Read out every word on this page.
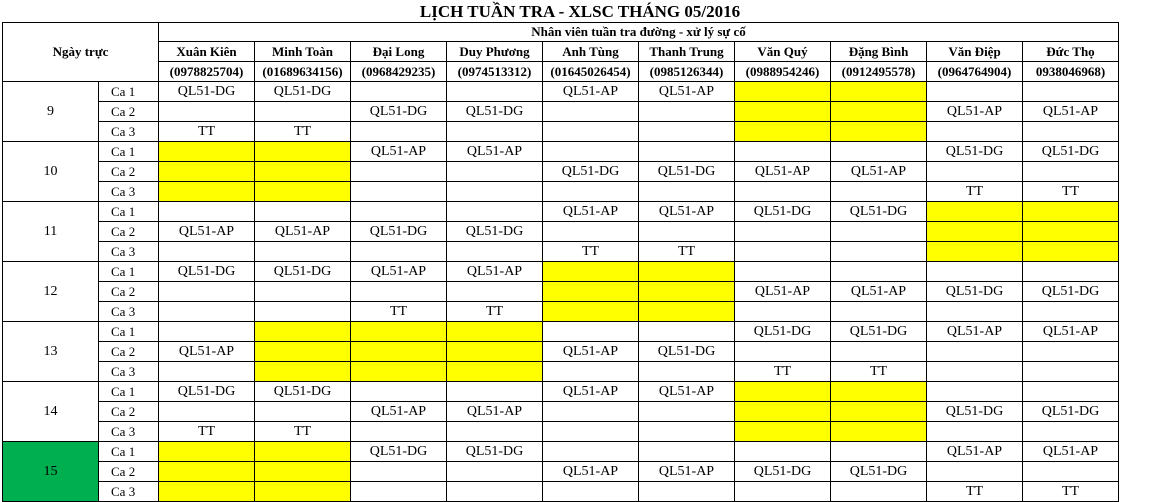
LỊCH TUẦN TRA - XLSC THÁNG 05/2016
Ngày trực		Nhân viên tuần tra đường - xử lý sự cố									
		Xuân Kiên	Minh Toàn	Đại Long	Duy Phương	Anh Tùng	Thanh Trung	Văn Quý	Đặng Bình	Văn Điệp	Đức Thọ
		(0978825704)	(01689634156)	(0968429235)	(0974513312)	(01645026454)	(0985126344)	(0988954246)	(0912495578)	(0964764904)	0938046968)
9	Ca 1	QL51-DG	QL51-DG			QL51-AP	QL51-AP				
	Ca 2			QL51-DG	QL51-DG					QL51-AP	QL51-AP
	Ca 3	TT	TT								
10	Ca 1			QL51-AP	QL51-AP					QL51-DG	QL51-DG
	Ca 2					QL51-DG	QL51-DG	QL51-AP	QL51-AP		
	Ca 3									TT	TT
11	Ca 1					QL51-AP	QL51-AP	QL51-DG	QL51-DG		
	Ca 2	QL51-AP	QL51-AP	QL51-DG	QL51-DG						
	Ca 3					TT	TT				
12	Ca 1	QL51-DG	QL51-DG	QL51-AP	QL51-AP						
	Ca 2							QL51-AP	QL51-AP	QL51-DG	QL51-DG
	Ca 3			TT	TT						
13	Ca 1							QL51-DG	QL51-DG	QL51-AP	QL51-AP
	Ca 2	QL51-AP				QL51-AP	QL51-DG				
	Ca 3							TT	TT		
14	Ca 1	QL51-DG	QL51-DG			QL51-AP	QL51-AP				
	Ca 2			QL51-AP	QL51-AP					QL51-DG	QL51-DG
	Ca 3	TT	TT								
15	Ca 1			QL51-DG	QL51-DG					QL51-AP	QL51-AP
	Ca 2					QL51-AP	QL51-AP	QL51-DG	QL51-DG		
	Ca 3									TT	TT
